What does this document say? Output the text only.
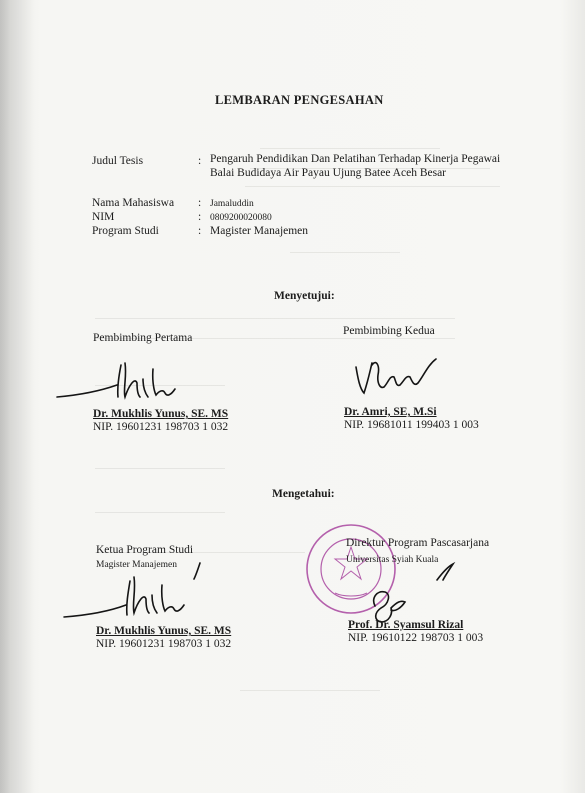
LEMBARAN PENGESAHAN
Judul Tesis	: Pengaruh Pendidikan Dan Pelatihan Terhadap Kinerja Pegawai
Balai Budidaya Air Payau Ujung Batee Aceh Besar
Nama Mahasiswa : Jamaluddin
NIM	: 0809200020080
Program Studi	: Magister Manajemen
Menyetujui:
Pembimbing Pertama
Dr. Mukhlis Yunus, SE. MS
NIP. 19601231 198703 1 032
Pembimbing Kedua
Dr. Amri, SE, M.Si
NIP. 19681011 199403 1 003
Mengetahui:
Ketua Program Studi
Magister Manajemen
Dr. Mukhlis Yunus, SE. MS
NIP. 19601231 198703 1 032
Direktur Program Pascasarjana
Universitas Syiah Kuala
Prof. Dr. Syamsul Rizal
NIP. 19610122 198703 1 003
